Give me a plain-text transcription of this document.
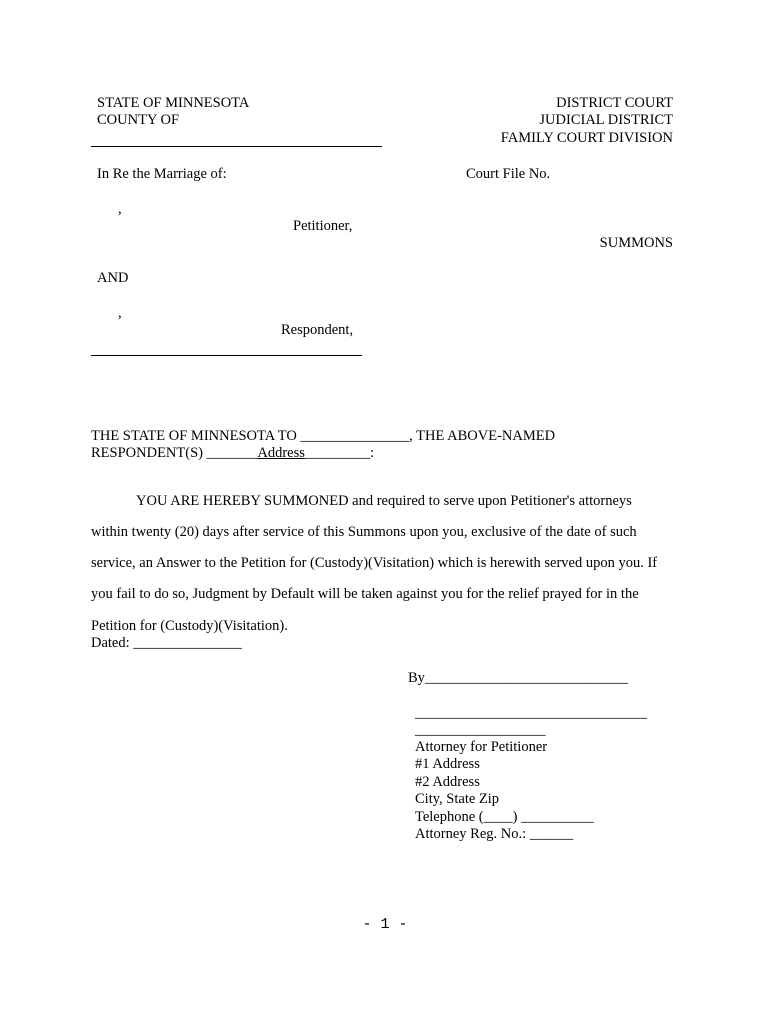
STATE OF MINNESOTA
COUNTY OF
DISTRICT COURT
JUDICIAL DISTRICT
FAMILY COURT DIVISION
In Re the Marriage of:	Court File No.
,
Petitioner,
SUMMONS
AND
,
Respondent,
THE STATE OF MINNESOTA TO _______________, THE ABOVE-NAMED
RESPONDENT(S) _______Address_________:
YOU ARE HEREBY SUMMONED and required to serve upon Petitioner's attorneys
within twenty (20) days after service of this Summons upon you, exclusive of the date of such
service, an Answer to the Petition for (Custody)(Visitation) which is herewith served upon you. If
you fail to do so, Judgment by Default will be taken against you for the relief prayed for in the
Petition for (Custody)(Visitation).
Dated: _______________
By____________________________
________________________________
__________________
Attorney for Petitioner
#1 Address
#2 Address
City, State Zip
Telephone (____) __________
Attorney Reg. No.: ______
- 1 -
